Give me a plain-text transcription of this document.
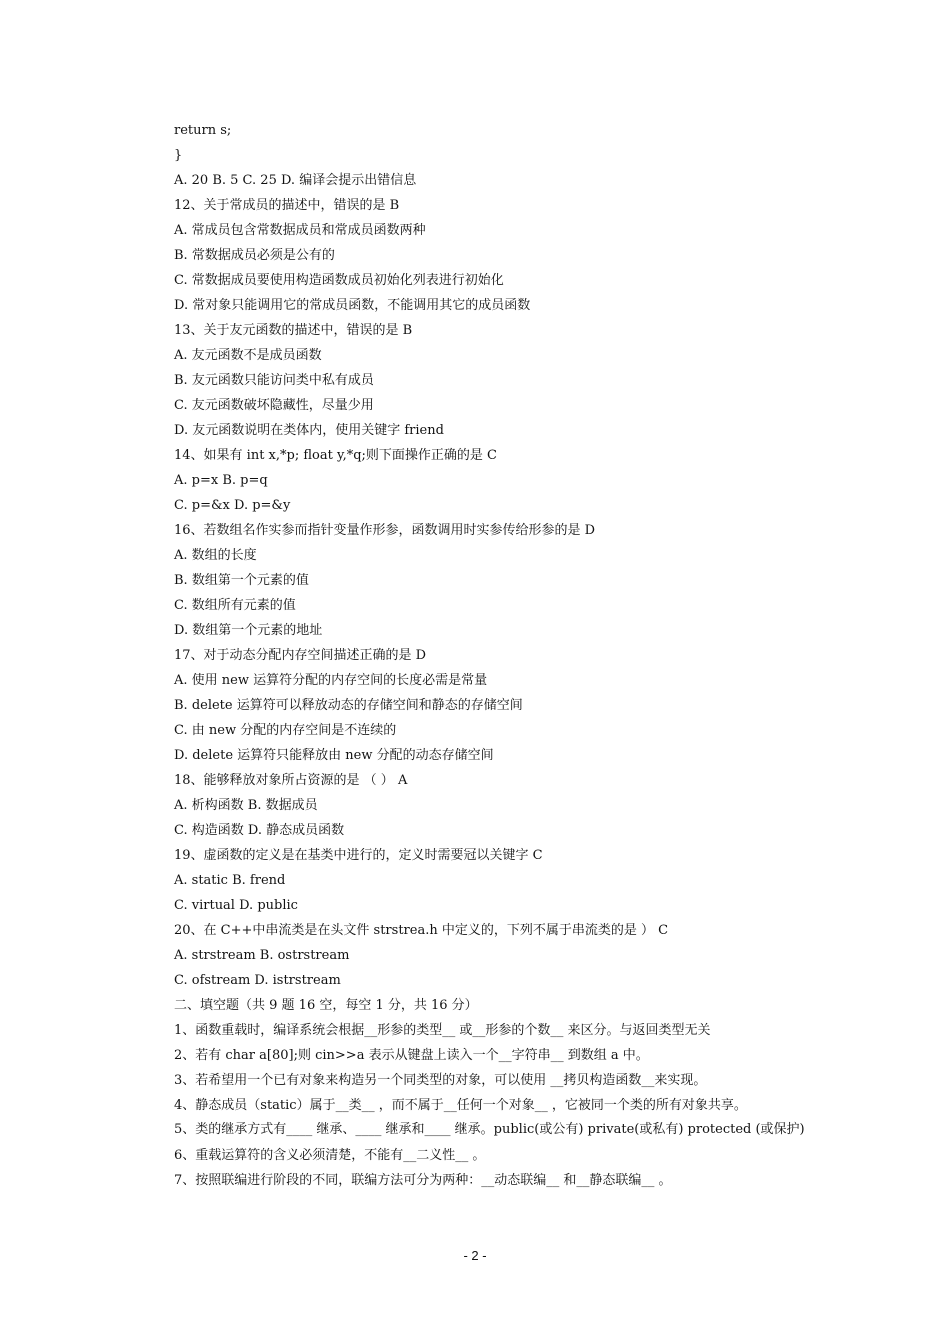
return s;
}
A. 20 B. 5 C. 25 D. 编译会提示出错信息
12、关于常成员的描述中，错误的是 B
A. 常成员包含常数据成员和常成员函数两种
B. 常数据成员必须是公有的
C. 常数据成员要使用构造函数成员初始化列表进行初始化
D. 常对象只能调用它的常成员函数，不能调用其它的成员函数
13、关于友元函数的描述中，错误的是 B
A. 友元函数不是成员函数
B. 友元函数只能访问类中私有成员
C. 友元函数破坏隐藏性，尽量少用
D. 友元函数说明在类体内，使用关键字 friend
14、如果有 int x,*p; float y,*q;则下面操作正确的是 C
A. p=x B. p=q
C. p=&x D. p=&y
16、若数组名作实参而指针变量作形参，函数调用时实参传给形参的是 D
A. 数组的长度
B. 数组第一个元素的值
C. 数组所有元素的值
D. 数组第一个元素的地址
17、对于动态分配内存空间描述正确的是 D
A. 使用 new 运算符分配的内存空间的长度必需是常量
B. delete 运算符可以释放动态的存储空间和静态的存储空间
C. 由 new 分配的内存空间是不连续的
D. delete 运算符只能释放由 new 分配的动态存储空间
18、能够释放对象所占资源的是 （ ） A
A. 析构函数 B. 数据成员
C. 构造函数 D. 静态成员函数
19、虚函数的定义是在基类中进行的，定义时需要冠以关键字 C
A. static B. frend
C. virtual D. public
20、在 C++中串流类是在头文件 strstrea.h 中定义的，下列不属于串流类的是 ） C
A. strstream B. ostrstream
C. ofstream D. istrstream
二、填空题（共 9 题 16 空，每空 1 分，共 16 分）
1、函数重载时，编译系统会根据__形参的类型__ 或__形参的个数__ 来区分。与返回类型无关
2、若有 char a[80];则 cin>>a 表示从键盘上读入一个__字符串__ 到数组 a 中。
3、若希望用一个已有对象来构造另一个同类型的对象，可以使用 __拷贝构造函数__来实现。
4、静态成员（static）属于__类__ ，而不属于__任何一个对象__ ，它被同一个类的所有对象共享。
5、类的继承方式有____ 继承、____ 继承和____ 继承。public(或公有) private(或私有) protected (或保护)
6、重载运算符的含义必须清楚，不能有__二义性__ 。
7、按照联编进行阶段的不同，联编方法可分为两种：__动态联编__ 和__静态联编__ 。
- 2 -
